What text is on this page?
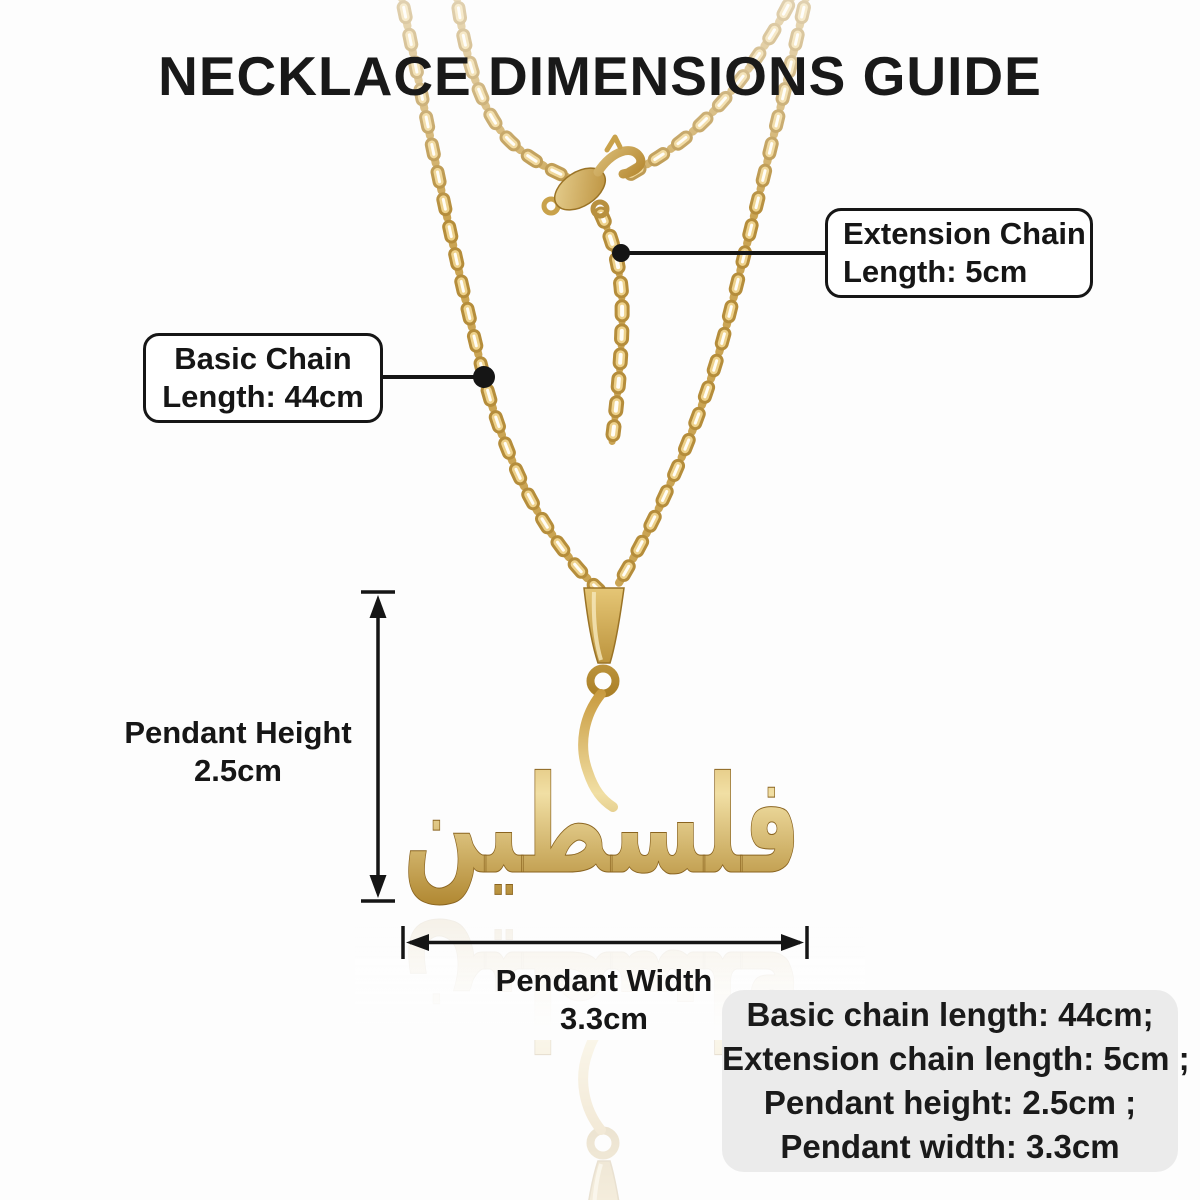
فلسطين
NECKLACE DIMENSIONS GUIDE
Extension Chain
Length: 5cm
Basic Chain
Length: 44cm
Pendant Height
2.5cm
Pendant Width
3.3cm	Basic chain length: 44cm;
Extension chain length: 5cm ;
Pendant height: 2.5cm ;
Pendant width: 3.3cm
